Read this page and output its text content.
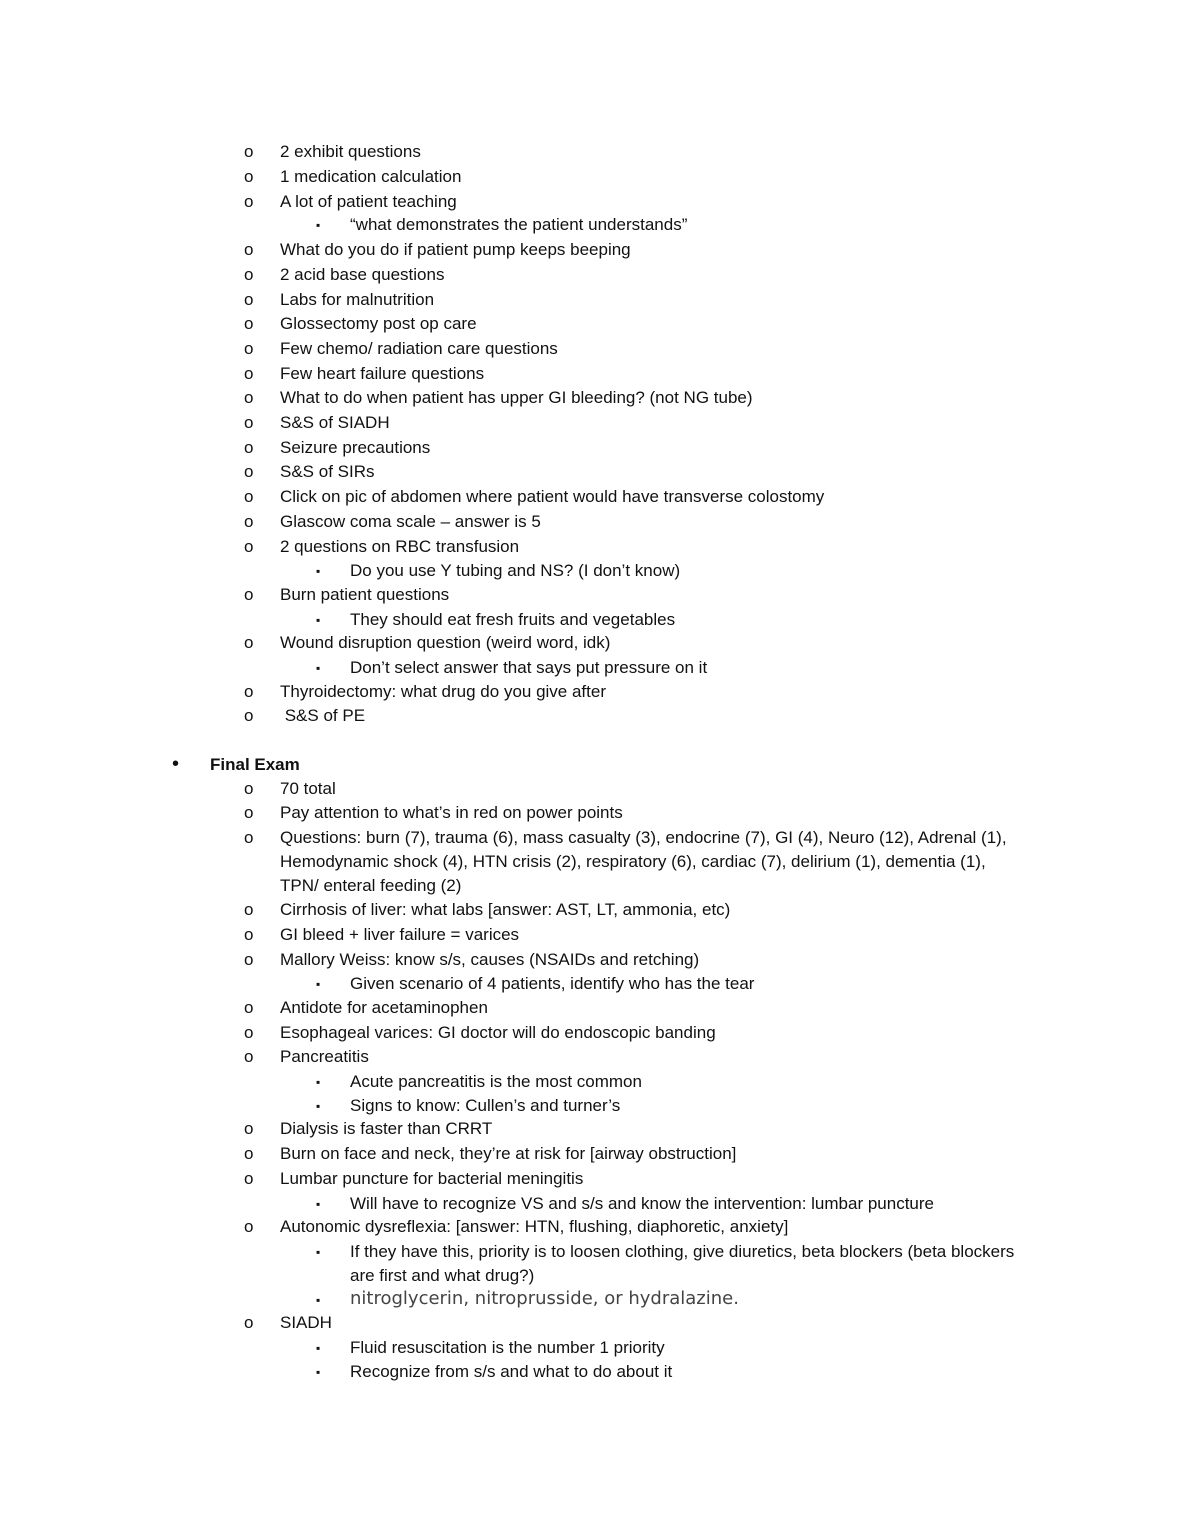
o 2 exhibit questions
o 1 medication calculation
o A lot of patient teaching
▪ “what demonstrates the patient understands”
o What do you do if patient pump keeps beeping
o 2 acid base questions
o Labs for malnutrition
o Glossectomy post op care
o Few chemo/ radiation care questions
o Few heart failure questions
o What to do when patient has upper GI bleeding? (not NG tube)
o S&S of SIADH
o Seizure precautions
o S&S of SIRs
o Click on pic of abdomen where patient would have transverse colostomy
o Glascow coma scale – answer is 5
o 2 questions on RBC transfusion
▪ Do you use Y tubing and NS? (I don’t know)
o Burn patient questions
▪ They should eat fresh fruits and vegetables
o Wound disruption question (weird word, idk)
▪ Don’t select answer that says put pressure on it
o Thyroidectomy: what drug do you give after
o S&S of PE
• Final Exam
o 70 total
o Pay attention to what’s in red on power points
o Questions: burn (7), trauma (6), mass casualty (3), endocrine (7), GI (4), Neuro (12), Adrenal (1),
Hemodynamic shock (4), HTN crisis (2), respiratory (6), cardiac (7), delirium (1), dementia (1),
TPN/ enteral feeding (2)
o Cirrhosis of liver: what labs [answer: AST, LT, ammonia, etc)
o GI bleed + liver failure = varices
o Mallory Weiss: know s/s, causes (NSAIDs and retching)
▪ Given scenario of 4 patients, identify who has the tear
o Antidote for acetaminophen
o Esophageal varices: GI doctor will do endoscopic banding
o Pancreatitis
▪ Acute pancreatitis is the most common
▪ Signs to know: Cullen’s and turner’s
o Dialysis is faster than CRRT
o Burn on face and neck, they’re at risk for [airway obstruction]
o Lumbar puncture for bacterial meningitis
▪ Will have to recognize VS and s/s and know the intervention: lumbar puncture
o Autonomic dysreflexia: [answer: HTN, flushing, diaphoretic, anxiety]
▪ If they have this, priority is to loosen clothing, give diuretics, beta blockers (beta blockers
are first and what drug?)
▪ nitroglycerin, nitroprusside, or hydralazine.
o SIADH
▪ Fluid resuscitation is the number 1 priority
▪ Recognize from s/s and what to do about it
